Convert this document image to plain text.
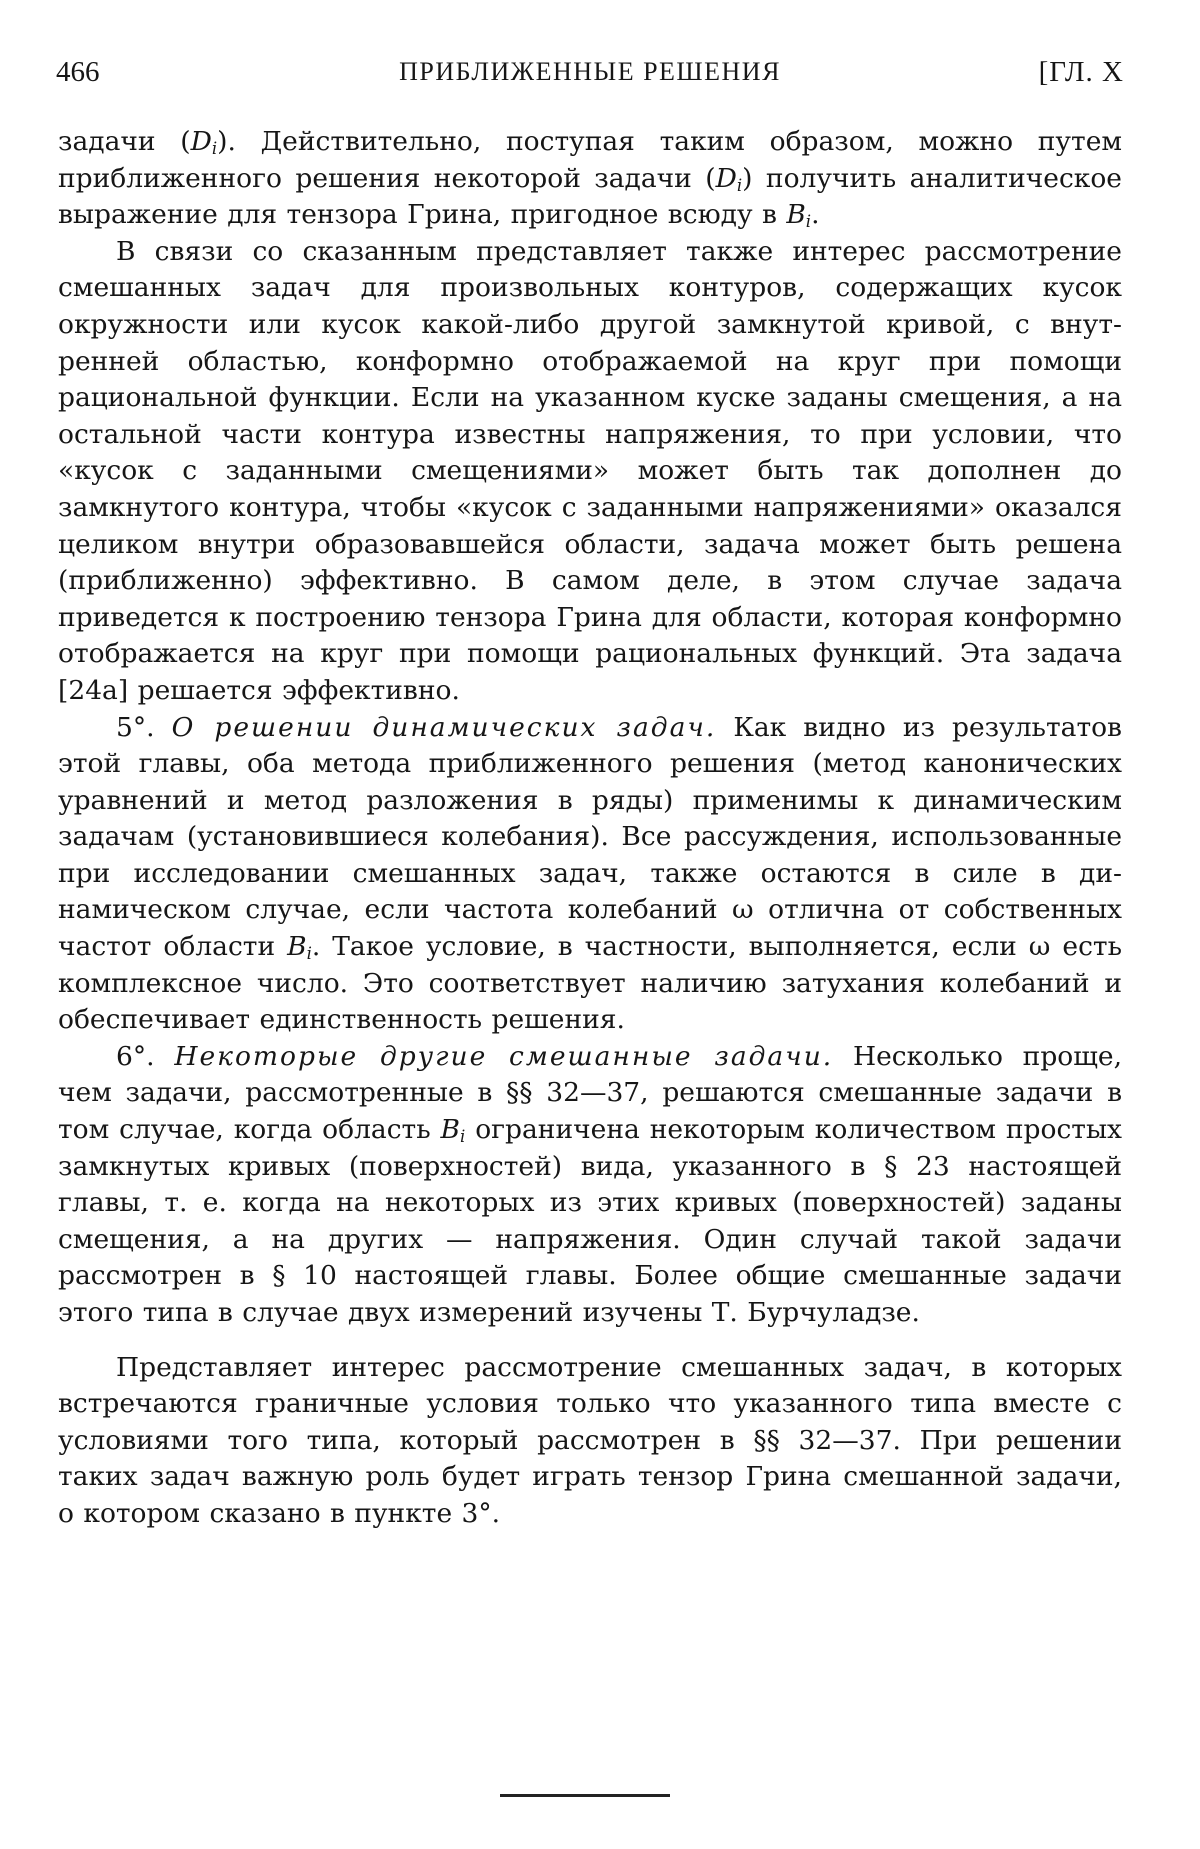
466	ПРИБЛИЖЕННЫЕ РЕШЕНИЯ	[ГЛ. X

задачи $(D_i)$. Действительно, поступая таким образом, можно путем приближенного решения некоторой задачи $(D_i)$ получить аналитическое выражение для тензора Грина, пригодное всюду в $B_i$.

В связи со сказанным представляет также интерес рассмотрение смешанных задач для произвольных контуров, содержащих кусок окружности или кусок какой-либо другой замкнутой кривой, с внутренней областью, конформно отображаемой на круг при помощи рациональной функции. Если на указанном куске заданы смещения, а на остальной части контура известны напряжения, то при условии, что «кусок с заданными смещениями» может быть так дополнен до замкнутого контура, чтобы «кусок с заданными напряжениями» оказался целиком внутри образовавшейся области, задача может быть решена (приближенно) эффективно. В самом деле, в этом случае задача приведется к построению тензора Грина для области, которая конформно отображается на круг при помощи рациональных функций. Эта задача [24a] решается эффективно.

5°. О решении динамических задач. Как видно из результатов этой главы, оба метода приближенного решения (метод канонических уравнений и метод разложения в ряды) применимы к динамическим задачам (установившиеся колебания). Все рассуждения, использованные при исследовании смешанных задач, также остаются в силе в динамическом случае, если частота колебаний ω отлична от собственных частот области $B_i$. Такое условие, в частности, выполняется, если ω есть комплексное число. Это соответствует наличию затухания колебаний и обеспечивает единственность решения.

6°. Некоторые другие смешанные задачи. Несколько проще, чем задачи, рассмотренные в §§ 32—37, решаются смешанные задачи в том случае, когда область $B_i$ ограничена некоторым количеством простых замкнутых кривых (поверхностей) вида, указанного в § 23 настоящей главы, т. е. когда на некоторых из этих кривых (поверхностей) заданы смещения, а на других — напряжения. Один случай такой задачи рассмотрен в § 10 настоящей главы. Более общие смешанные задачи этого типа в случае двух измерений изучены Т. Бурчуладзе.

Представляет интерес рассмотрение смешанных задач, в которых встречаются граничные условия только что указанного типа вместе с условиями того типа, который рассмотрен в §§ 32—37. При решении таких задач важную роль будет играть тензор Грина смешанной задачи, о котором сказано в пункте 3°.
